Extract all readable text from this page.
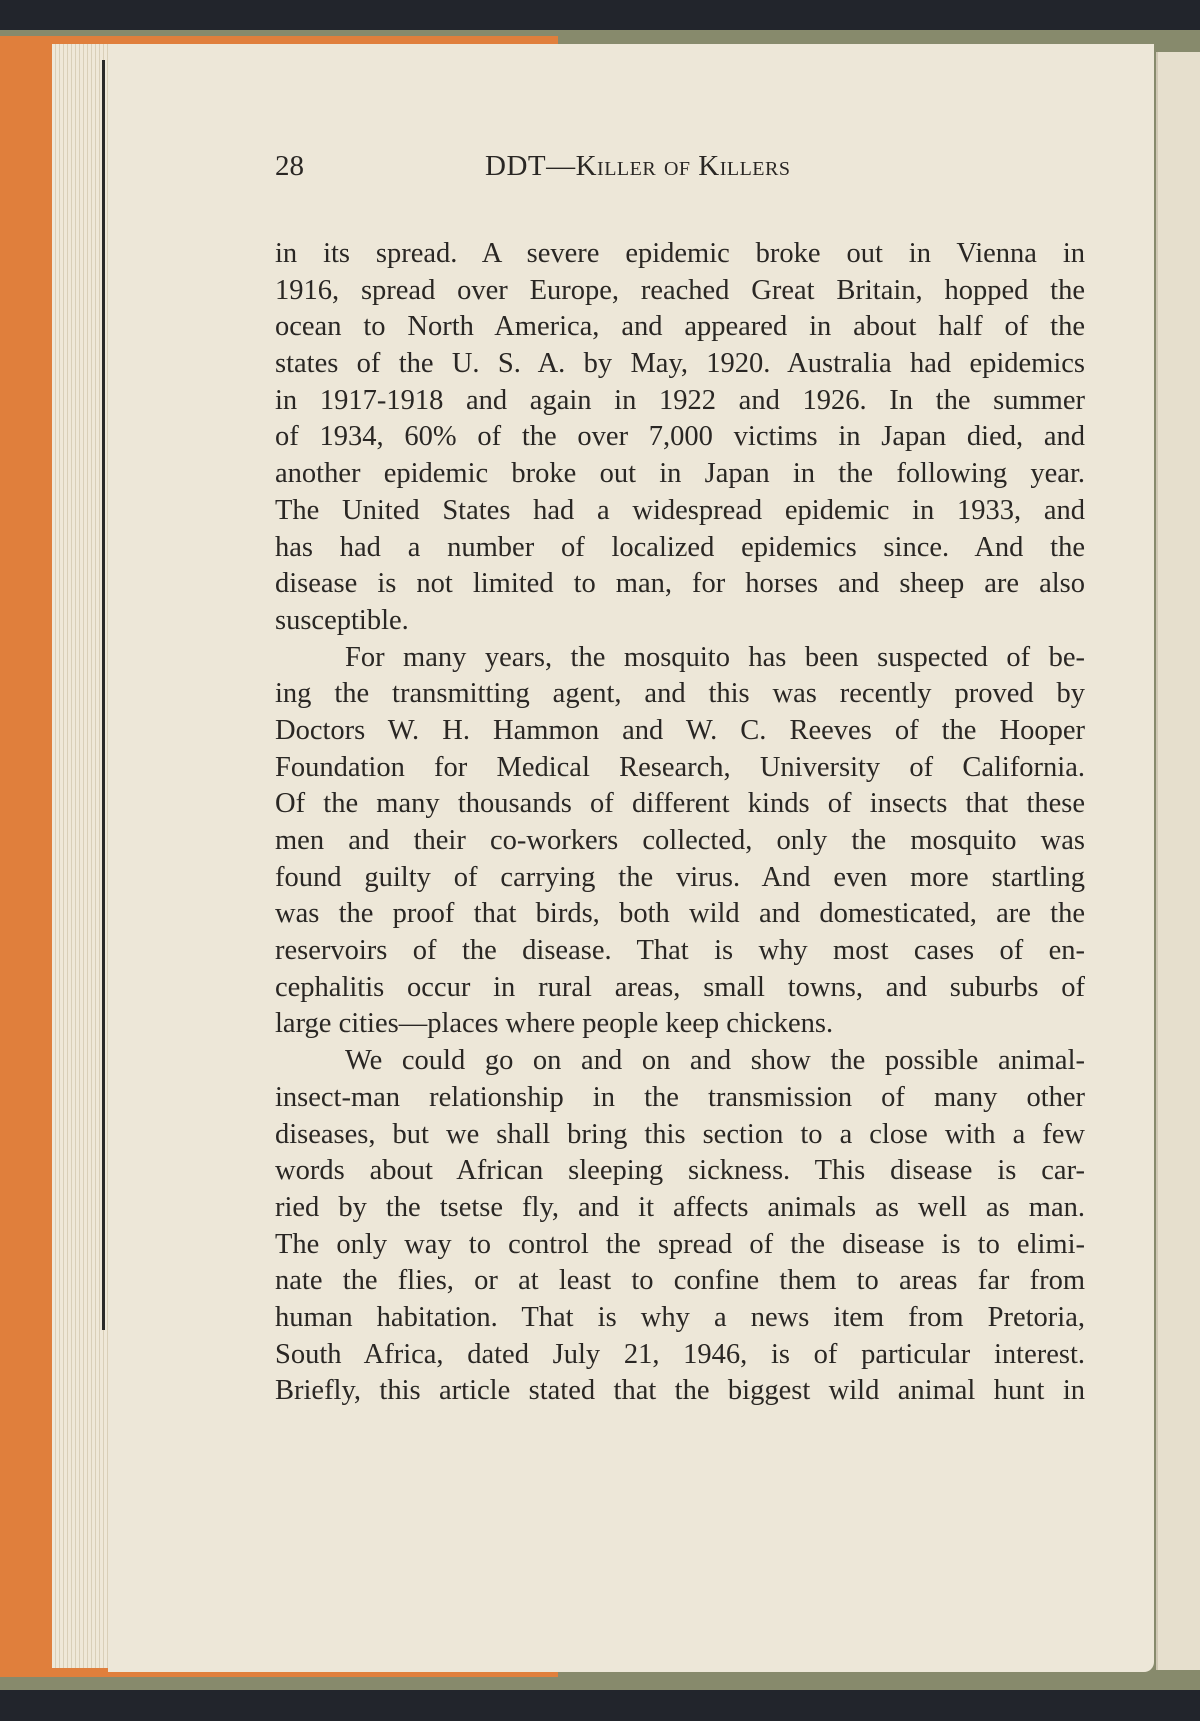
28	DDT—Killer of Killers
in its spread. A severe epidemic broke out in Vienna in
1916, spread over Europe, reached Great Britain, hopped the
ocean to North America, and appeared in about half of the
states of the U. S. A. by May, 1920. Australia had epidemics
in 1917-1918 and again in 1922 and 1926. In the summer
of 1934, 60% of the over 7,000 victims in Japan died, and
another epidemic broke out in Japan in the following year.
The United States had a widespread epidemic in 1933, and
has had a number of localized epidemics since. And the
disease is not limited to man, for horses and sheep are also
susceptible.
For many years, the mosquito has been suspected of be-
ing the transmitting agent, and this was recently proved by
Doctors W. H. Hammon and W. C. Reeves of the Hooper
Foundation for Medical Research, University of California.
Of the many thousands of different kinds of insects that these
men and their co-workers collected, only the mosquito was
found guilty of carrying the virus. And even more startling
was the proof that birds, both wild and domesticated, are the
reservoirs of the disease. That is why most cases of en-
cephalitis occur in rural areas, small towns, and suburbs of
large cities—places where people keep chickens.
We could go on and on and show the possible animal-
insect-man relationship in the transmission of many other
diseases, but we shall bring this section to a close with a few
words about African sleeping sickness. This disease is car-
ried by the tsetse fly, and it affects animals as well as man.
The only way to control the spread of the disease is to elimi-
nate the flies, or at least to confine them to areas far from
human habitation. That is why a news item from Pretoria,
South Africa, dated July 21, 1946, is of particular interest.
Briefly, this article stated that the biggest wild animal hunt in
